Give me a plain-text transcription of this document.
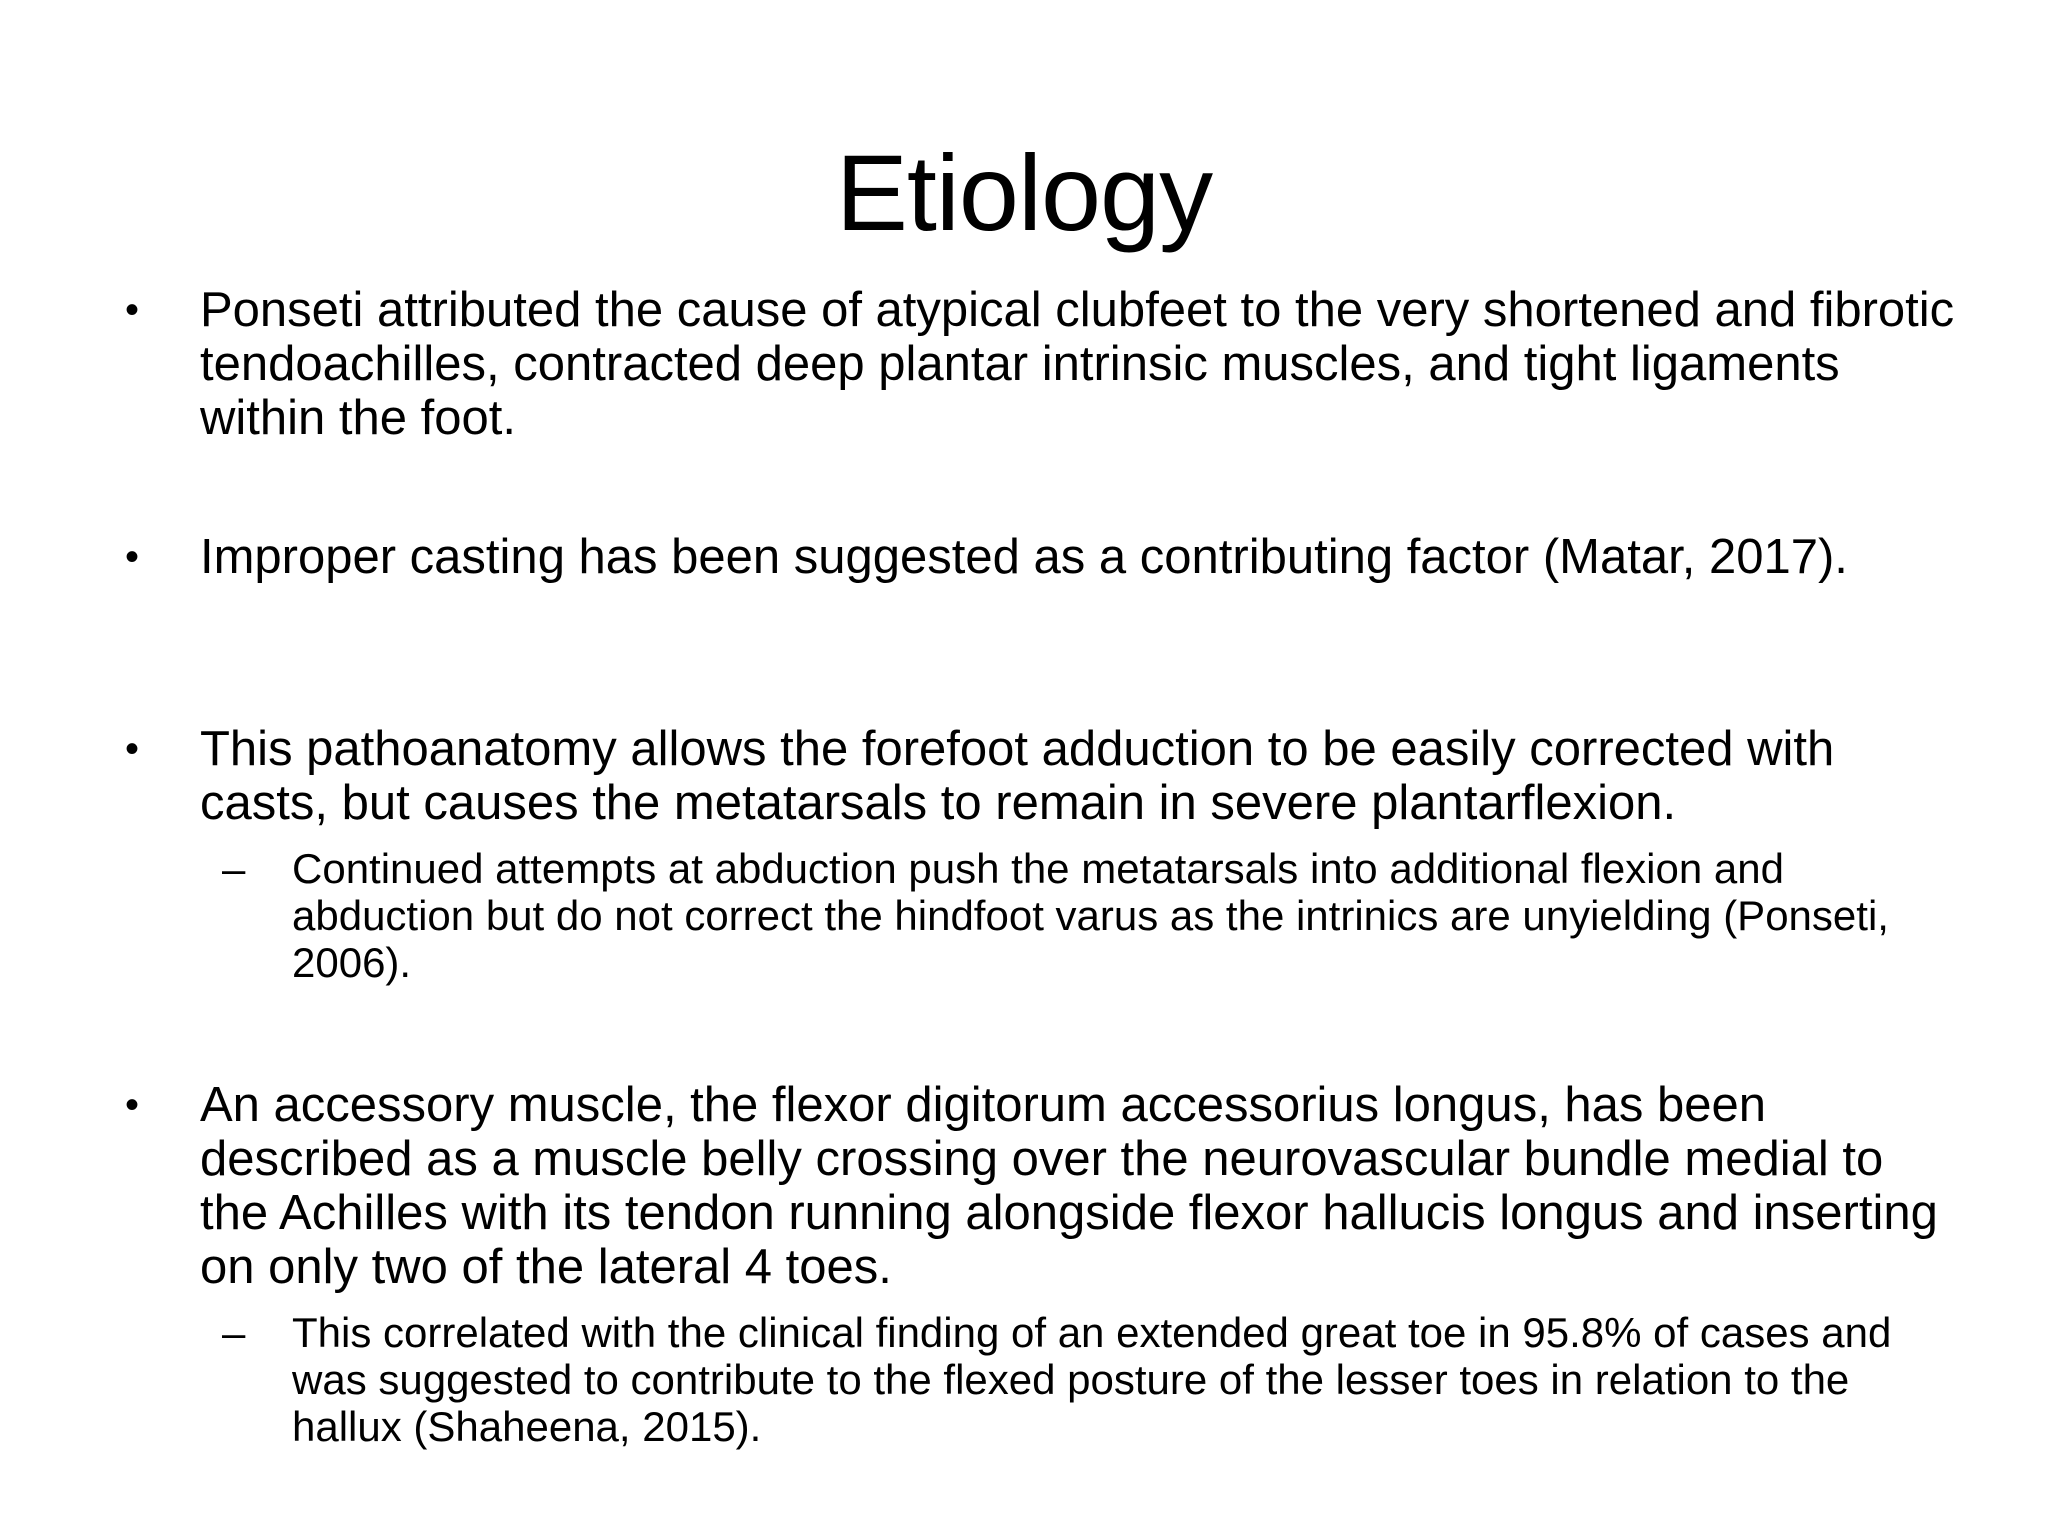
Etiology
•	Ponseti attributed the cause of atypical clubfeet to the very shortened and fibrotic tendoachilles, contracted deep plantar intrinsic muscles, and tight ligaments within the foot.
•	Improper casting has been suggested as a contributing factor (Matar, 2017).
•	This pathoanatomy allows the forefoot adduction to be easily corrected with casts, but causes the metatarsals to remain in severe plantarflexion.
–	Continued attempts at abduction push the metatarsals into additional flexion and abduction but do not correct the hindfoot varus as the intrinics are unyielding (Ponseti, 2006).
•	An accessory muscle, the flexor digitorum accessorius longus, has been described as a muscle belly crossing over the neurovascular bundle medial to the Achilles with its tendon running alongside flexor hallucis longus and inserting on only two of the lateral 4 toes.
–	This correlated with the clinical finding of an extended great toe in 95.8% of cases and was suggested to contribute to the flexed posture of the lesser toes in relation to the hallux (Shaheena, 2015).
